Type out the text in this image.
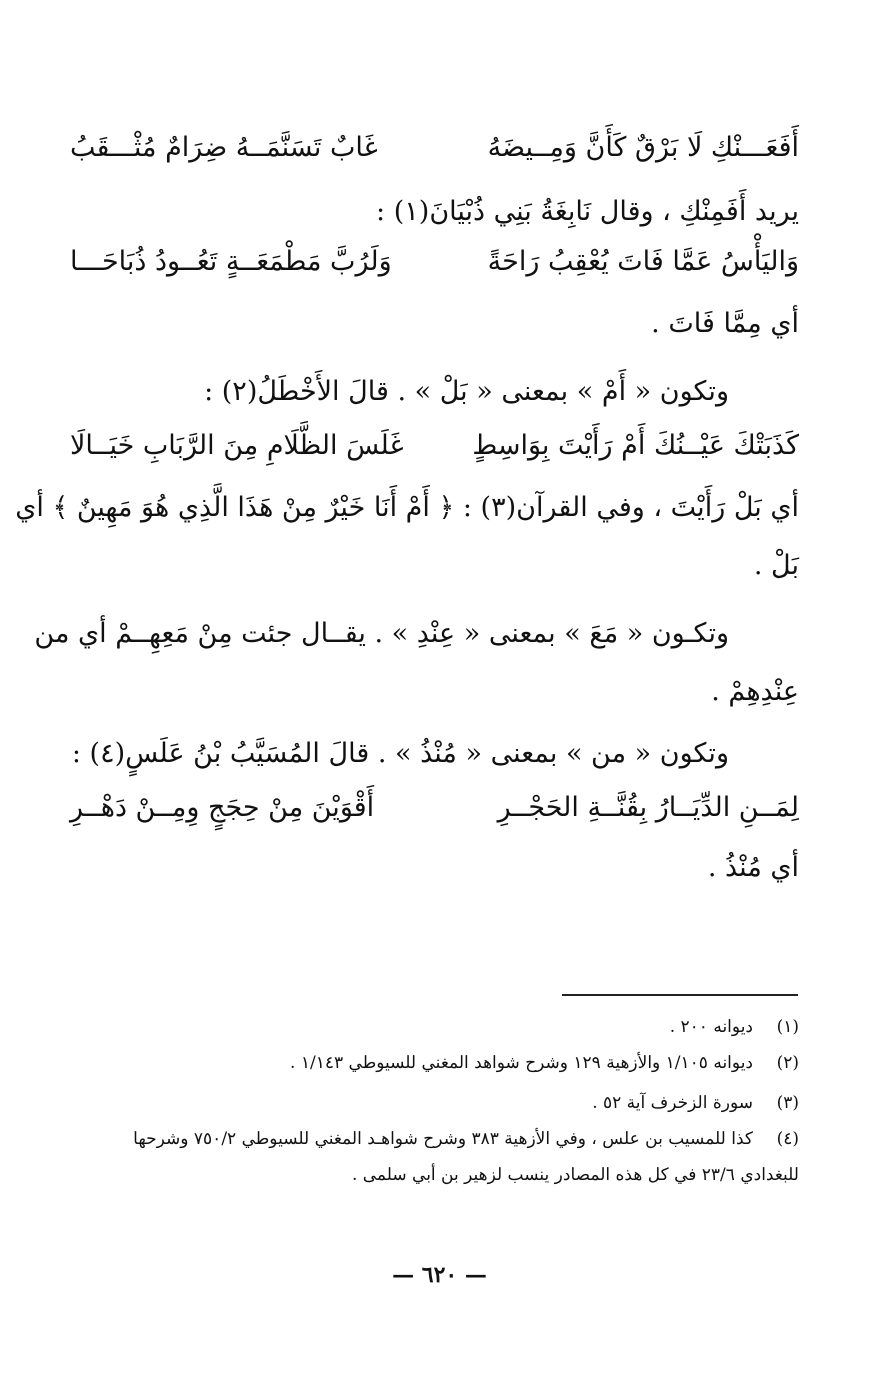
أَفَعَـــنْكِ لَا بَرْقٌ كَأَنَّ وَمِــيضَهُ
غَابٌ تَسَنَّمَــهُ ضِرَامٌ مُثْـــقَبُ
يريد أَفَمِنْكِ ، وقال نَابِغَةُ بَنِي ذُبْيَانَ(١) :
وَاليَأْسُ عَمَّا فَاتَ يُعْقِبُ رَاحَةً
وَلَرُبَّ مَطْمَعَــةٍ تَعُــودُ ذُبَاحَـــا
أي مِمَّا فَاتَ .
وتكون « أَمْ » بمعنى « بَلْ » . قالَ الأَخْطَلُ(٢) :
كَذَبَتْكَ عَيْــنُكَ أَمْ رَأَيْتَ بِوَاسِطٍ
غَلَسَ الظَّلَامِ مِنَ الرَّبَابِ خَيَــالَا
أي بَلْ رَأَيْتَ ، وفي القرآن(٣) : ﴿ أَمْ أَنَا خَيْرٌ مِنْ هَذَا الَّذِي هُوَ مَهِينٌ ﴾ أي
بَلْ .
وتكـون « مَعَ » بمعنى « عِنْدِ » . يقــال جئت مِنْ مَعِهِــمْ أي من
عِنْدِهِمْ .
وتكون « من » بمعنى « مُنْذُ » . قالَ المُسَيَّبُ بْنُ عَلَسٍ(٤) :
لِمَــنِ الدِّيَــارُ بِقُنَّــةِ الحَجْــرِ
أَقْوَيْنَ مِنْ حِجَجٍ وِمِــنْ دَهْــرِ
أي مُنْذُ .
(١)ديوانه ٢٠٠ .
(٢)ديوانه ١/١٠٥ والأزهية ١٢٩ وشرح شواهد المغني للسيوطي ١/١٤٣ .
(٣)سورة الزخرف آية ٥٢ .
(٤)كذا للمسيب بن علس ، وفي الأزهية ٣٨٣ وشرح شواهـد المغني للسيوطي ٧٥٠/٢ وشرحها
للبغدادي ٢٣/٦ في كل هذه المصادر ينسب لزهير بن أبي سلمى .
— ٦٢٠ —
